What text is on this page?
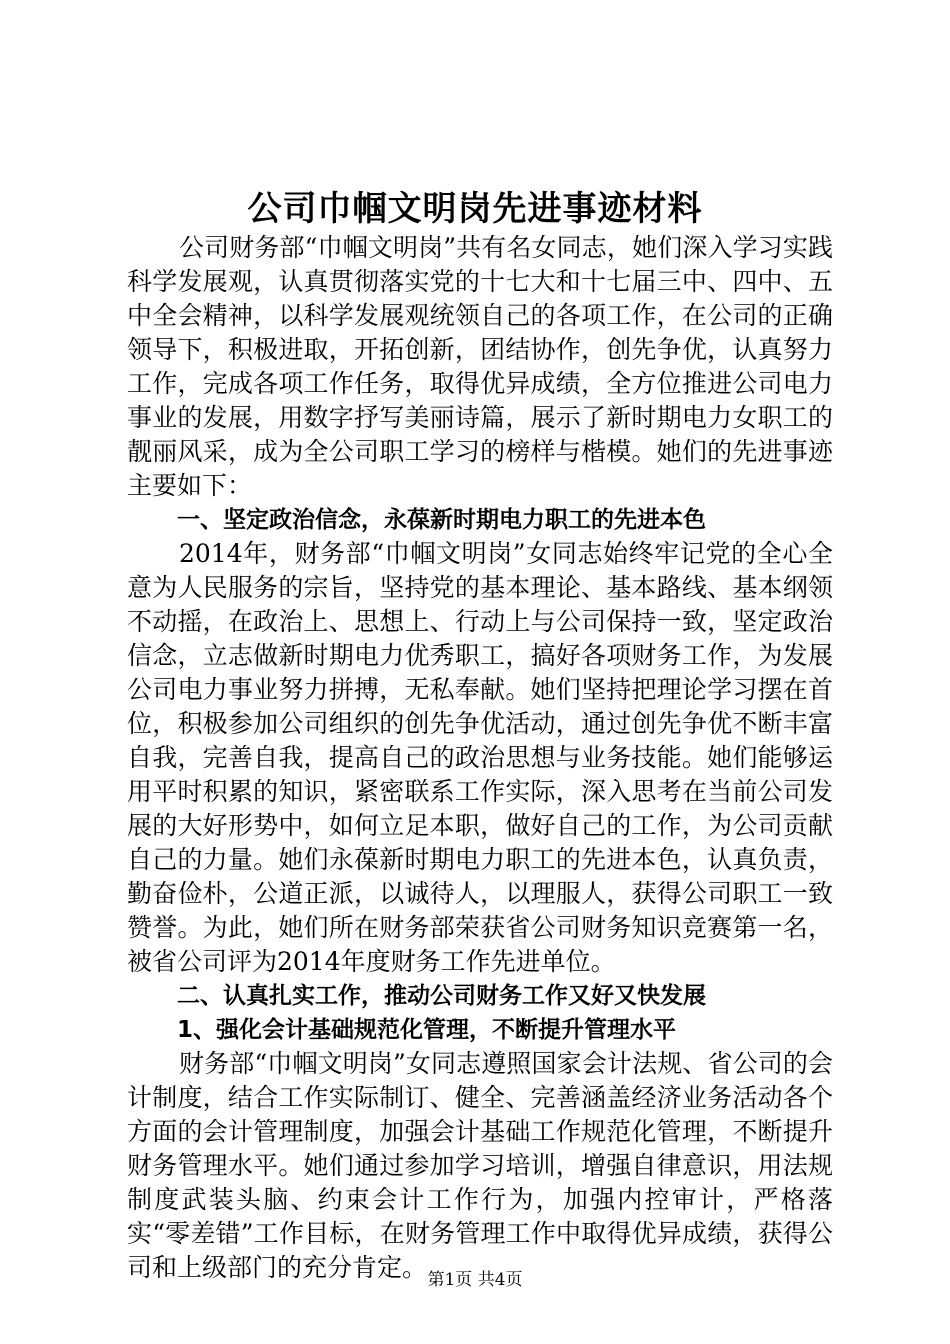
公司巾帼文明岗先进事迹材料

公司财务部“巾帼文明岗”共有名女同志，她们深入学习实践科学发展观，认真贯彻落实党的十七大和十七届三中、四中、五中全会精神，以科学发展观统领自己的各项工作，在公司的正确领导下，积极进取，开拓创新，团结协作，创先争优，认真努力工作，完成各项工作任务，取得优异成绩，全方位推进公司电力事业的发展，用数字抒写美丽诗篇，展示了新时期电力女职工的靓丽风采，成为全公司职工学习的榜样与楷模。她们的先进事迹主要如下：

一、坚定政治信念，永葆新时期电力职工的先进本色

2014年，财务部“巾帼文明岗”女同志始终牢记党的全心全意为人民服务的宗旨，坚持党的基本理论、基本路线、基本纲领不动摇，在政治上、思想上、行动上与公司保持一致，坚定政治信念，立志做新时期电力优秀职工，搞好各项财务工作，为发展公司电力事业努力拼搏，无私奉献。她们坚持把理论学习摆在首位，积极参加公司组织的创先争优活动，通过创先争优不断丰富自我，完善自我，提高自己的政治思想与业务技能。她们能够运用平时积累的知识，紧密联系工作实际，深入思考在当前公司发展的大好形势中，如何立足本职，做好自己的工作，为公司贡献自己的力量。她们永葆新时期电力职工的先进本色，认真负责，勤奋俭朴，公道正派，以诚待人，以理服人，获得公司职工一致赞誉。为此，她们所在财务部荣获省公司财务知识竞赛第一名，被省公司评为2014年度财务工作先进单位。

二、认真扎实工作，推动公司财务工作又好又快发展

1、强化会计基础规范化管理，不断提升管理水平

财务部“巾帼文明岗”女同志遵照国家会计法规、省公司的会计制度，结合工作实际制订、健全、完善涵盖经济业务活动各个方面的会计管理制度，加强会计基础工作规范化管理，不断提升财务管理水平。她们通过参加学习培训，增强自律意识，用法规制度武装头脑、约束会计工作行为，加强内控审计，严格落实“零差错”工作目标，在财务管理工作中取得优异成绩，获得公司和上级部门的充分肯定。 第1页 共4页
